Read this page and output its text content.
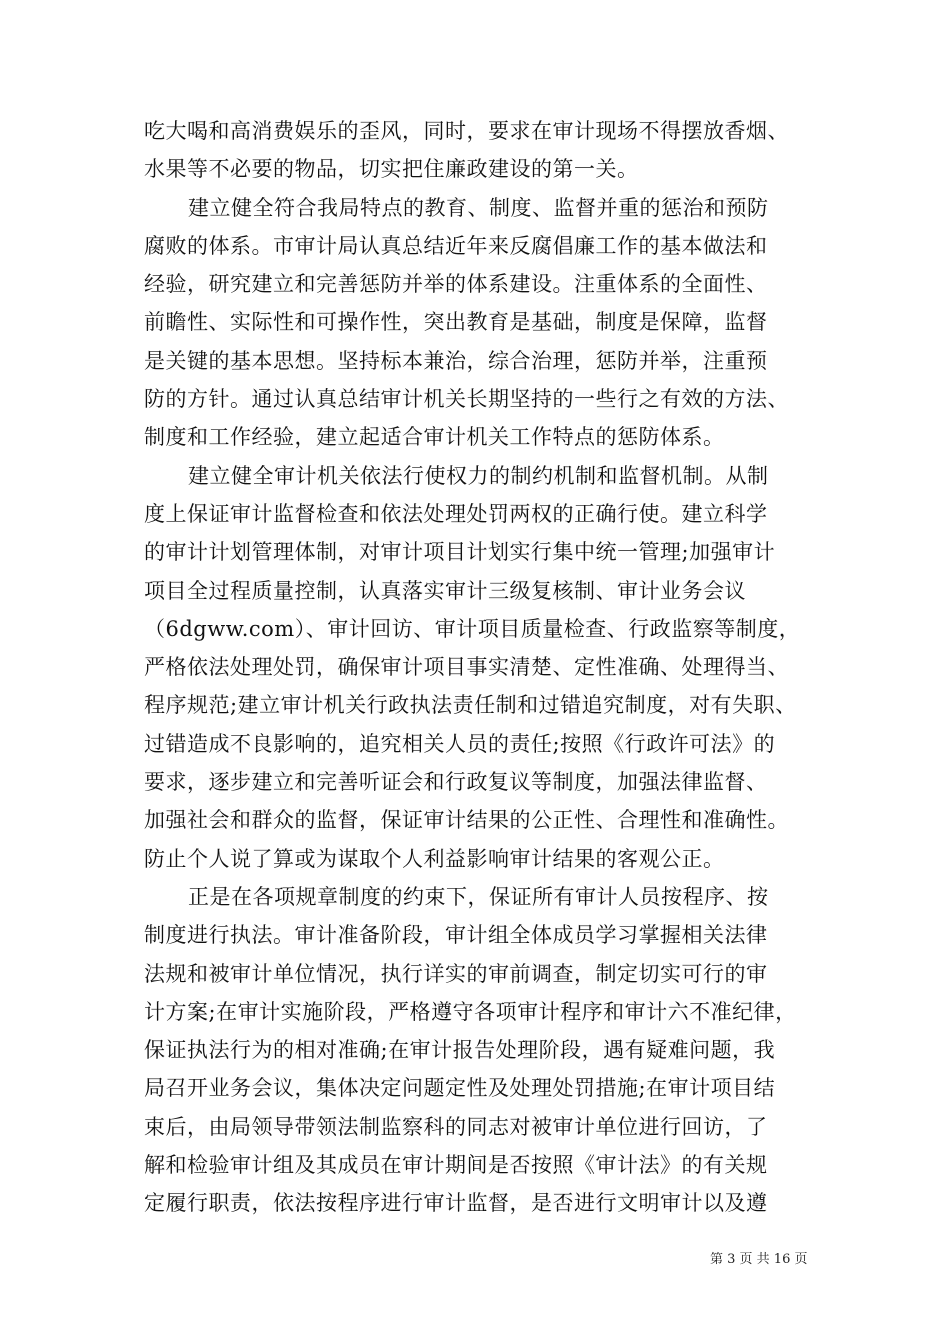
吃大喝和高消费娱乐的歪风，同时，要求在审计现场不得摆放香烟、
水果等不必要的物品，切实把住廉政建设的第一关。
建立健全符合我局特点的教育、制度、监督并重的惩治和预防
腐败的体系。市审计局认真总结近年来反腐倡廉工作的基本做法和
经验，研究建立和完善惩防并举的体系建设。注重体系的全面性、
前瞻性、实际性和可操作性，突出教育是基础，制度是保障，监督
是关键的基本思想。坚持标本兼治，综合治理，惩防并举，注重预
防的方针。通过认真总结审计机关长期坚持的一些行之有效的方法、
制度和工作经验，建立起适合审计机关工作特点的惩防体系。
建立健全审计机关依法行使权力的制约机制和监督机制。从制
度上保证审计监督检查和依法处理处罚两权的正确行使。建立科学
的审计计划管理体制，对审计项目计划实行集中统一管理;加强审计
项目全过程质量控制，认真落实审计三级复核制、审计业务会议
（6dgww.com）、审计回访、审计项目质量检查、行政监察等制度，
严格依法处理处罚，确保审计项目事实清楚、定性准确、处理得当、
程序规范;建立审计机关行政执法责任制和过错追究制度，对有失职、
过错造成不良影响的，追究相关人员的责任;按照《行政许可法》的
要求，逐步建立和完善听证会和行政复议等制度，加强法律监督、
加强社会和群众的监督，保证审计结果的公正性、合理性和准确性。
防止个人说了算或为谋取个人利益影响审计结果的客观公正。
正是在各项规章制度的约束下，保证所有审计人员按程序、按
制度进行执法。审计准备阶段，审计组全体成员学习掌握相关法律
法规和被审计单位情况，执行详实的审前调查，制定切实可行的审
计方案;在审计实施阶段，严格遵守各项审计程序和审计六不准纪律，
保证执法行为的相对准确;在审计报告处理阶段，遇有疑难问题，我
局召开业务会议，集体决定问题定性及处理处罚措施;在审计项目结
束后，由局领导带领法制监察科的同志对被审计单位进行回访，了
解和检验审计组及其成员在审计期间是否按照《审计法》的有关规
定履行职责，依法按程序进行审计监督，是否进行文明审计以及遵
第 3 页 共 16 页
